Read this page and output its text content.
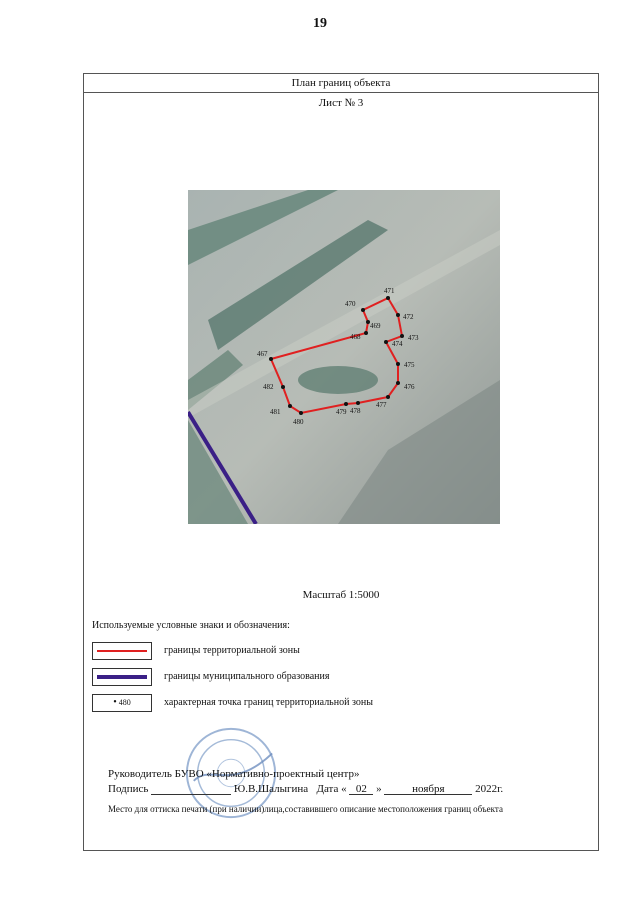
19
План границ объекта
Лист № 3
467
468
469
470
471
472
473
474
475
476
477
478
479
480
481
482
Масштаб 1:5000
Используемые условные знаки и обозначения:
границы территориальной зоны
границы муниципального образования
• 480	характерная точка границ территориальной зоны
Руководитель БУВО «Нормативно-проектный центр»
Подпись	Ю.В.Шалыгина Дата « 02 »	ноября	2022г.
Место для оттиска печати (при наличии)лица,составившего описание местоположения границ объекта
